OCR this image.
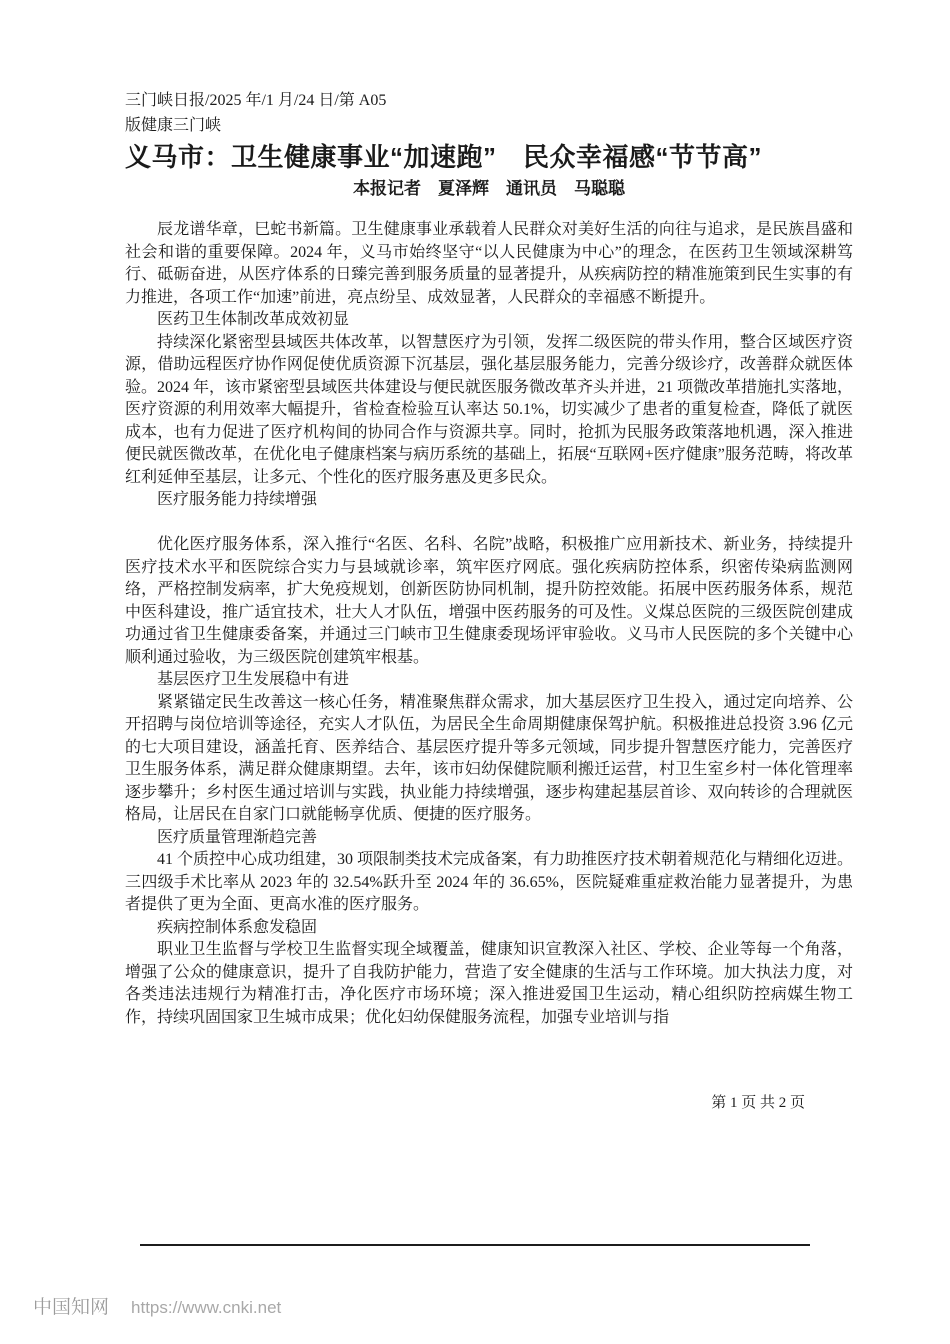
三门峡日报/2025 年/1 月/24 日/第 A05
版健康三门峡
义马市：卫生健康事业“加速跑”　民众幸福感“节节高”
本报记者　夏泽辉　通讯员　马聪聪

辰龙谱华章，巳蛇书新篇。卫生健康事业承载着人民群众对美好生活的向往与追求，是民族昌盛和社会和谐的重要保障。2024 年，义马市始终坚守“以人民健康为中心”的理念，在医药卫生领域深耕笃行、砥砺奋进，从医疗体系的日臻完善到服务质量的显著提升，从疾病防控的精准施策到民生实事的有力推进，各项工作“加速”前进，亮点纷呈、成效显著，人民群众的幸福感不断提升。

医药卫生体制改革成效初显

持续深化紧密型县域医共体改革，以智慧医疗为引领，发挥二级医院的带头作用，整合区域医疗资源，借助远程医疗协作网促使优质资源下沉基层，强化基层服务能力，完善分级诊疗，改善群众就医体验。2024 年，该市紧密型县域医共体建设与便民就医服务微改革齐头并进，21 项微改革措施扎实落地，医疗资源的利用效率大幅提升，省检查检验互认率达 50.1%，切实减少了患者的重复检查，降低了就医成本，也有力促进了医疗机构间的协同合作与资源共享。同时，抢抓为民服务政策落地机遇，深入推进便民就医微改革，在优化电子健康档案与病历系统的基础上，拓展“互联网+医疗健康”服务范畴，将改革红利延伸至基层，让多元、个性化的医疗服务惠及更多民众。

医疗服务能力持续增强

优化医疗服务体系，深入推行“名医、名科、名院”战略，积极推广应用新技术、新业务，持续提升医疗技术水平和医院综合实力与县域就诊率，筑牢医疗网底。强化疾病防控体系，织密传染病监测网络，严格控制发病率，扩大免疫规划，创新医防协同机制，提升防控效能。拓展中医药服务体系，规范中医科建设，推广适宜技术，壮大人才队伍，增强中医药服务的可及性。义煤总医院的三级医院创建成功通过省卫生健康委备案，并通过三门峡市卫生健康委现场评审验收。义马市人民医院的多个关键中心顺利通过验收，为三级医院创建筑牢根基。

基层医疗卫生发展稳中有进

紧紧锚定民生改善这一核心任务，精准聚焦群众需求，加大基层医疗卫生投入，通过定向培养、公开招聘与岗位培训等途径，充实人才队伍，为居民全生命周期健康保驾护航。积极推进总投资 3.96 亿元的七大项目建设，涵盖托育、医养结合、基层医疗提升等多元领域，同步提升智慧医疗能力，完善医疗卫生服务体系，满足群众健康期望。去年，该市妇幼保健院顺利搬迁运营，村卫生室乡村一体化管理率逐步攀升；乡村医生通过培训与实践，执业能力持续增强，逐步构建起基层首诊、双向转诊的合理就医格局，让居民在自家门口就能畅享优质、便捷的医疗服务。

医疗质量管理渐趋完善

41 个质控中心成功组建，30 项限制类技术完成备案，有力助推医疗技术朝着规范化与精细化迈进。三四级手术比率从 2023 年的 32.54%跃升至 2024 年的 36.65%，医院疑难重症救治能力显著提升，为患者提供了更为全面、更高水准的医疗服务。

疾病控制体系愈发稳固

职业卫生监督与学校卫生监督实现全域覆盖，健康知识宣教深入社区、学校、企业等每一个角落，增强了公众的健康意识，提升了自我防护能力，营造了安全健康的生活与工作环境。加大执法力度，对各类违法违规行为精准打击，净化医疗市场环境；深入推进爱国卫生运动，精心组织防控病媒生物工作，持续巩固国家卫生城市成果；优化妇幼保健服务流程，加强专业培训与指

第 1 页 共 2 页
中国知网 https://www.cnki.net
